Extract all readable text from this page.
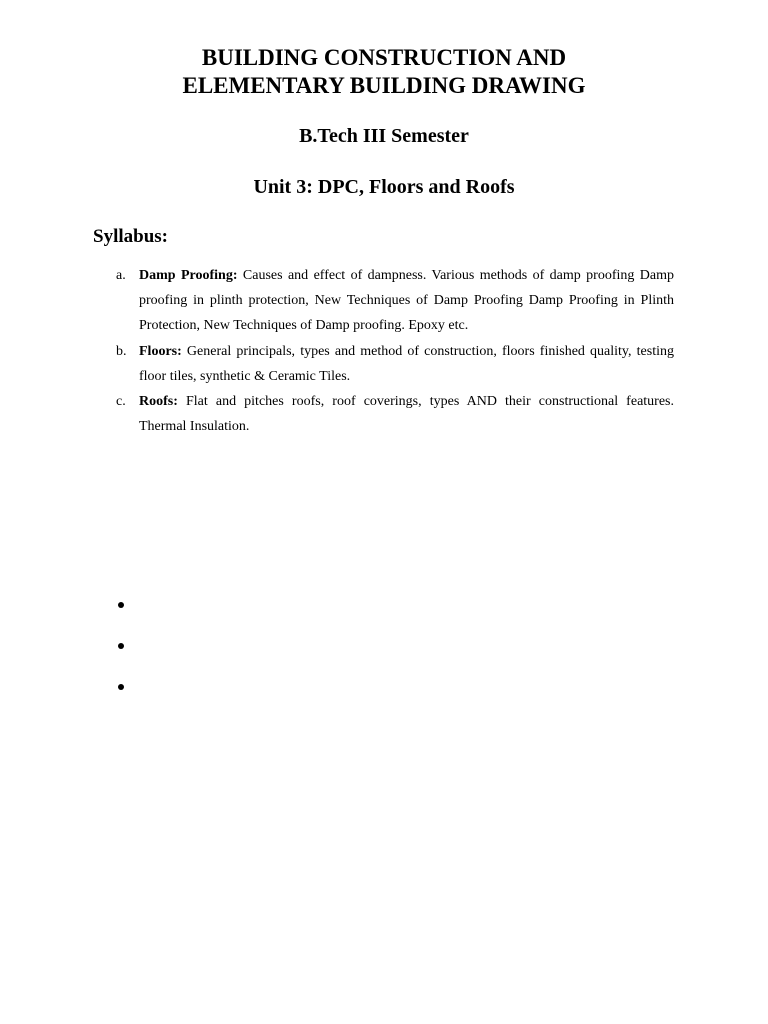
BUILDING CONSTRUCTION AND
ELEMENTARY BUILDING DRAWING
B.Tech III Semester
Unit 3: DPC, Floors and Roofs
Syllabus:
a. Damp Proofing: Causes and effect of dampness. Various methods of damp proofing Damp proofing in plinth protection, New Techniques of Damp Proofing Damp Proofing in Plinth Protection, New Techniques of Damp proofing. Epoxy etc.
b. Floors: General principals, types and method of construction, floors finished quality, testing floor tiles, synthetic & Ceramic Tiles.
c. Roofs: Flat and pitches roofs, roof coverings, types AND their constructional features. Thermal Insulation.
